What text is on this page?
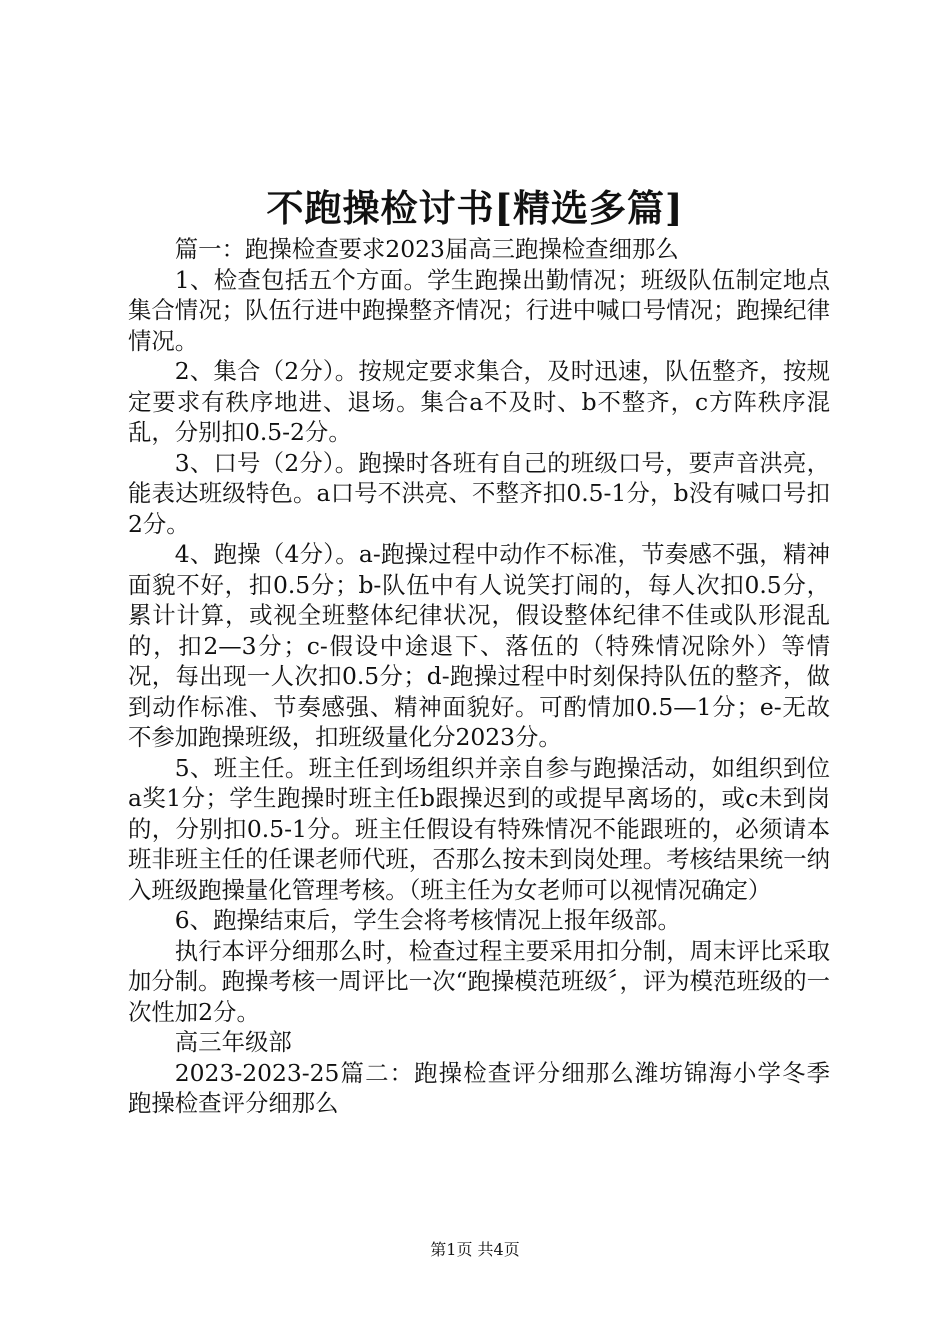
不跑操检讨书[精选多篇]

篇一：跑操检查要求2023届高三跑操检查细那么

1、检查包括五个方面。学生跑操出勤情况；班级队伍制定地点集合情况；队伍行进中跑操整齐情况；行进中喊口号情况；跑操纪律情况。

2、集合（2分）。按规定要求集合，及时迅速，队伍整齐，按规定要求有秩序地进、退场。集合a不及时、b不整齐，c方阵秩序混乱，分别扣0.5-2分。

3、口号（2分）。跑操时各班有自己的班级口号，要声音洪亮，能表达班级特色。a口号不洪亮、不整齐扣0.5-1分，b没有喊口号扣2分。

4、跑操（4分）。a-跑操过程中动作不标准，节奏感不强，精神面貌不好，扣0.5分；b-队伍中有人说笑打闹的，每人次扣0.5分，累计计算，或视全班整体纪律状况，假设整体纪律不佳或队形混乱的，扣2—3分；c-假设中途退下、落伍的（特殊情况除外）等情况，每出现一人次扣0.5分；d-跑操过程中时刻保持队伍的整齐，做到动作标准、节奏感强、精神面貌好。可酌情加0.5—1分；e-无故不参加跑操班级，扣班级量化分2023分。

5、班主任。班主任到场组织并亲自参与跑操活动，如组织到位a奖1分；学生跑操时班主任b跟操迟到的或提早离场的，或c未到岗的，分别扣0.5-1分。班主任假设有特殊情况不能跟班的，必须请本班非班主任的任课老师代班，否那么按未到岗处理。考核结果统一纳入班级跑操量化管理考核。（班主任为女老师可以视情况确定）

6、跑操结束后，学生会将考核情况上报年级部。

执行本评分细那么时，检查过程主要采用扣分制，周末评比采取加分制。跑操考核一周评比一次“跑操模范班级〞，评为模范班级的一次性加2分。

高三年级部

2023-2023-25篇二：跑操检查评分细那么潍坊锦海小学冬季跑操检查评分细那么

第1页 共4页
